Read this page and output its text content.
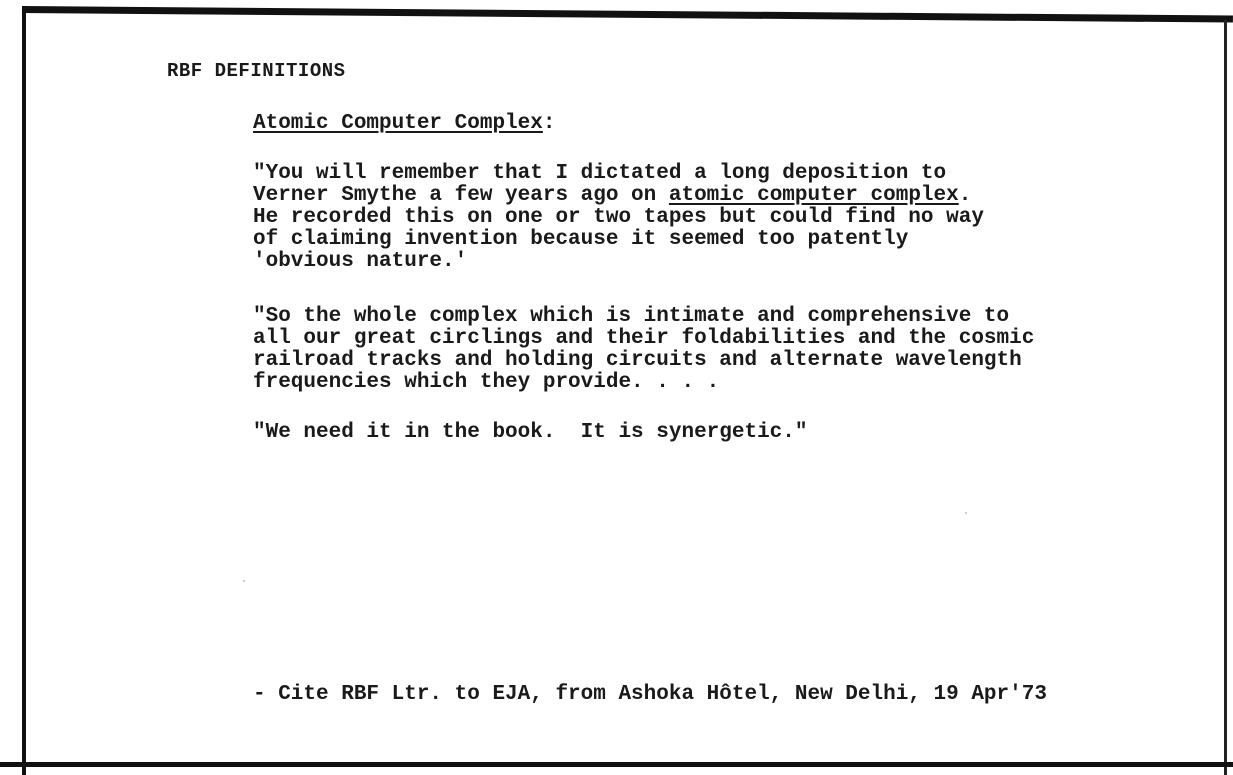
RBF DEFINITIONS
Atomic Computer Complex:
"You will remember that I dictated a long deposition to
Verner Smythe a few years ago on atomic computer complex.
He recorded this on one or two tapes but could find no way
of claiming invention because it seemed too patently
'obvious nature.'
"So the whole complex which is intimate and comprehensive to
all our great circlings and their foldabilities and the cosmic
railroad tracks and holding circuits and alternate wavelength
frequencies which they provide. . . .
"We need it in the book.  It is synergetic."
- Cite RBF Ltr. to EJA, from Ashoka Hôtel, New Delhi, 19 Apr'73
